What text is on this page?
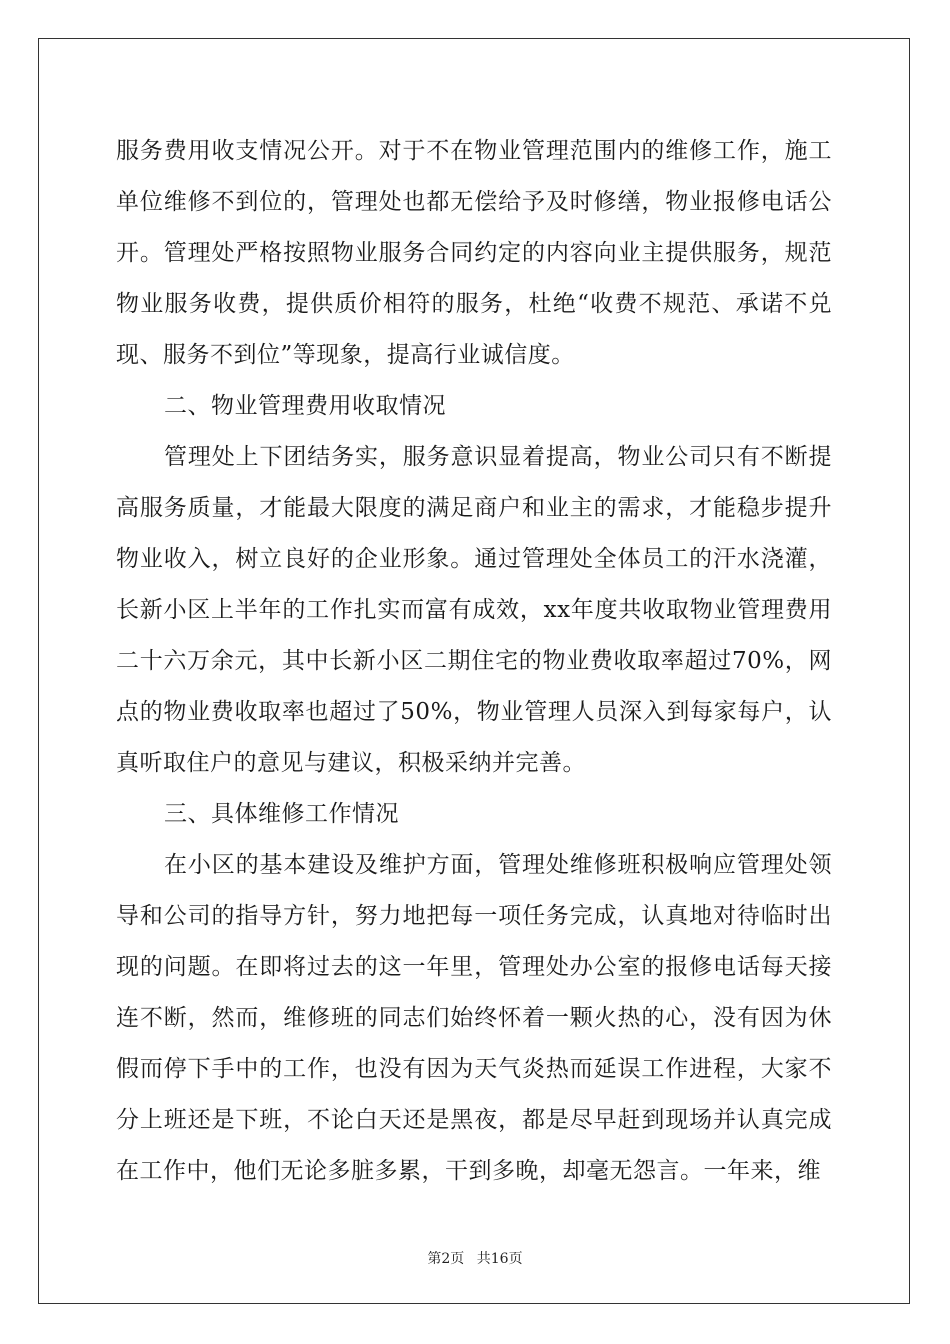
服务费用收支情况公开。对于不在物业管理范围内的维修工作，施工单位维修不到位的，管理处也都无偿给予及时修缮，物业报修电话公开。管理处严格按照物业服务合同约定的内容向业主提供服务，规范物业服务收费，提供质价相符的服务，杜绝“收费不规范、承诺不兑现、服务不到位”等现象，提高行业诚信度。

二、物业管理费用收取情况

管理处上下团结务实，服务意识显着提高，物业公司只有不断提高服务质量，才能最大限度的满足商户和业主的需求，才能稳步提升物业收入，树立良好的企业形象。通过管理处全体员工的汗水浇灌，长新小区上半年的工作扎实而富有成效，xx年度共收取物业管理费用二十六万余元，其中长新小区二期住宅的物业费收取率超过70%，网点的物业费收取率也超过了50%，物业管理人员深入到每家每户，认真听取住户的意见与建议，积极采纳并完善。

三、具体维修工作情况

在小区的基本建设及维护方面，管理处维修班积极响应管理处领导和公司的指导方针，努力地把每一项任务完成，认真地对待临时出现的问题。在即将过去的这一年里，管理处办公室的报修电话每天接连不断，然而，维修班的同志们始终怀着一颗火热的心，没有因为休假而停下手中的工作，也没有因为天气炎热而延误工作进程，大家不分上班还是下班，不论白天还是黑夜，都是尽早赶到现场并认真完成在工作中，他们无论多脏多累，干到多晚，却毫无怨言。一年来，维

第2页 共16页
